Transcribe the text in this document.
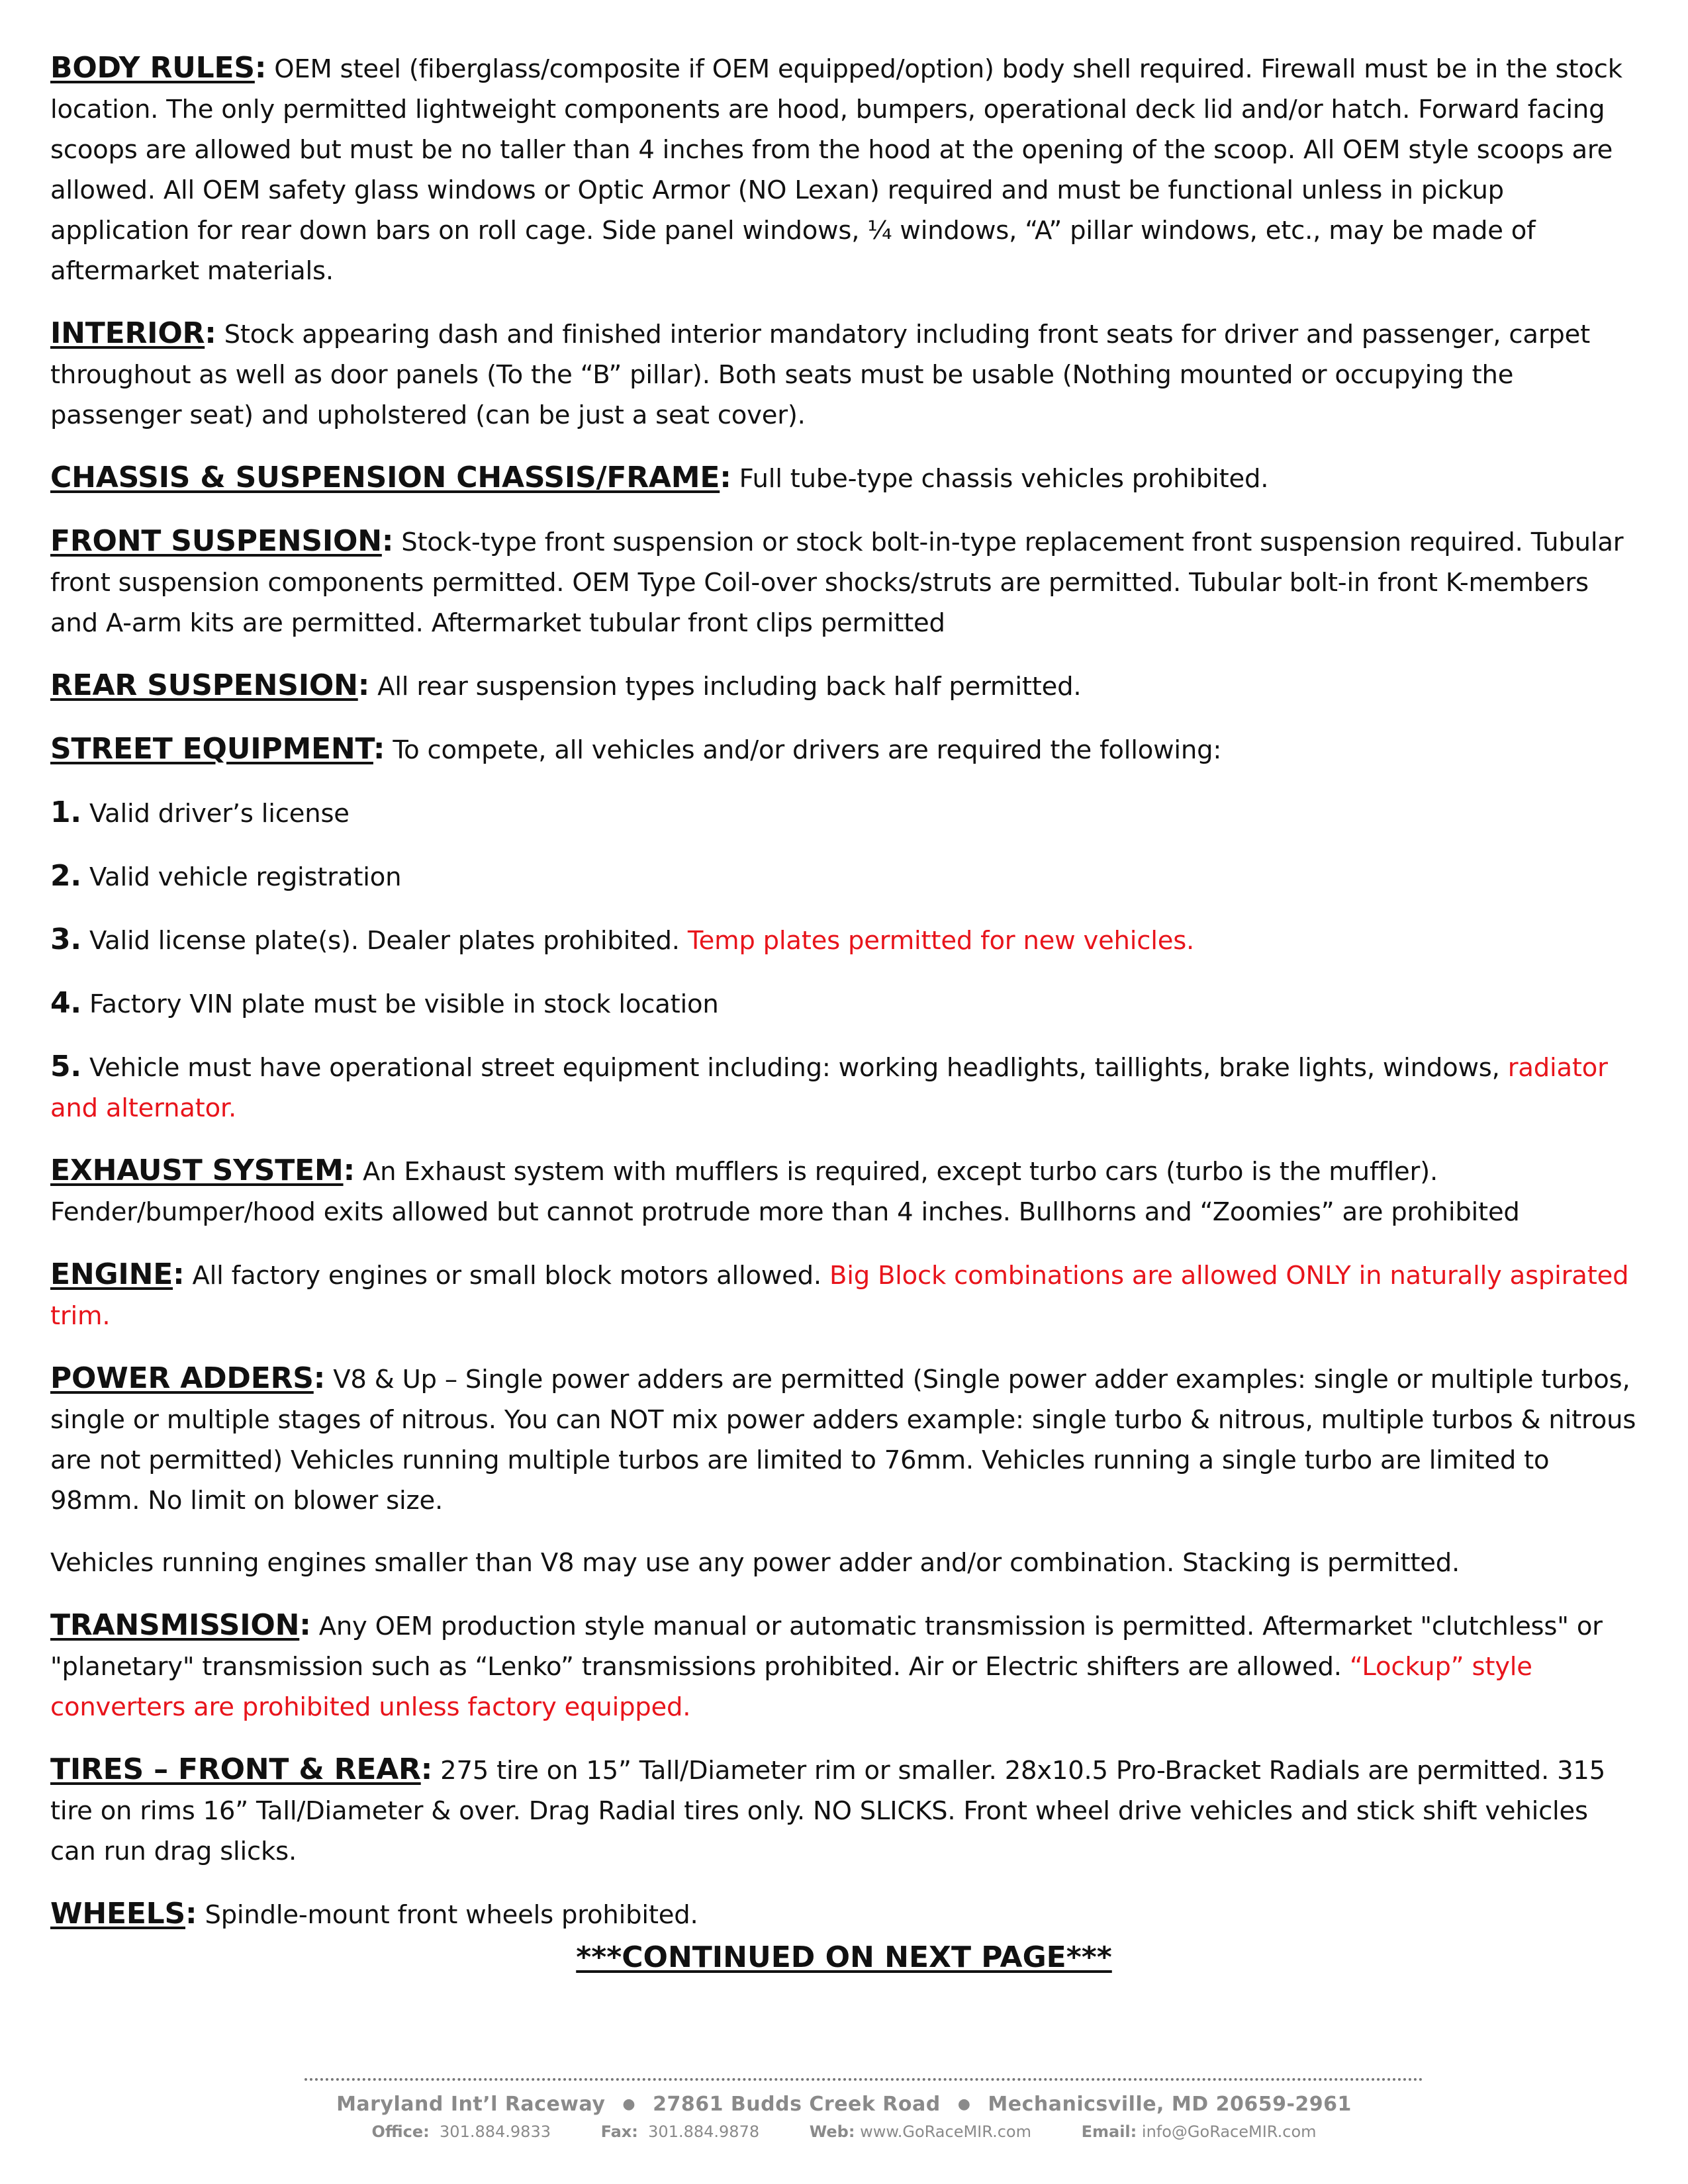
BODY RULES: OEM steel (fiberglass/composite if OEM equipped/option) body shell required. Firewall must be in the stock location. The only permitted lightweight components are hood, bumpers, operational deck lid and/or hatch. Forward facing scoops are allowed but must be no taller than 4 inches from the hood at the opening of the scoop. All OEM style scoops are allowed. All OEM safety glass windows or Optic Armor (NO Lexan) required and must be functional unless in pickup application for rear down bars on roll cage. Side panel windows, ¼ windows, “A” pillar windows, etc., may be made of aftermarket materials.

INTERIOR: Stock appearing dash and finished interior mandatory including front seats for driver and passenger, carpet throughout as well as door panels (To the “B” pillar). Both seats must be usable (Nothing mounted or occupying the passenger seat) and upholstered (can be just a seat cover).

CHASSIS & SUSPENSION CHASSIS/FRAME: Full tube-type chassis vehicles prohibited.

FRONT SUSPENSION: Stock-type front suspension or stock bolt-in-type replacement front suspension required. Tubular front suspension components permitted. OEM Type Coil-over shocks/struts are permitted. Tubular bolt-in front K-members and A-arm kits are permitted. Aftermarket tubular front clips permitted

REAR SUSPENSION: All rear suspension types including back half permitted.

STREET EQUIPMENT: To compete, all vehicles and/or drivers are required the following:

1. Valid driver’s license

2. Valid vehicle registration

3. Valid license plate(s). Dealer plates prohibited. Temp plates permitted for new vehicles.

4. Factory VIN plate must be visible in stock location

5. Vehicle must have operational street equipment including: working headlights, taillights, brake lights, windows, radiator and alternator.

EXHAUST SYSTEM: An Exhaust system with mufflers is required, except turbo cars (turbo is the muffler). Fender/bumper/hood exits allowed but cannot protrude more than 4 inches. Bullhorns and “Zoomies” are prohibited

ENGINE: All factory engines or small block motors allowed. Big Block combinations are allowed ONLY in naturally aspirated trim.

POWER ADDERS: V8 & Up – Single power adders are permitted (Single power adder examples: single or multiple turbos, single or multiple stages of nitrous. You can NOT mix power adders example: single turbo & nitrous, multiple turbos & nitrous are not permitted) Vehicles running multiple turbos are limited to 76mm. Vehicles running a single turbo are limited to 98mm. No limit on blower size.

Vehicles running engines smaller than V8 may use any power adder and/or combination. Stacking is permitted.

TRANSMISSION: Any OEM production style manual or automatic transmission is permitted. Aftermarket "clutchless" or "planetary" transmission such as “Lenko” transmissions prohibited. Air or Electric shifters are allowed. “Lockup” style converters are prohibited unless factory equipped.

TIRES – FRONT & REAR: 275 tire on 15” Tall/Diameter rim or smaller. 28x10.5 Pro-Bracket Radials are permitted. 315 tire on rims 16” Tall/Diameter & over. Drag Radial tires only. NO SLICKS. Front wheel drive vehicles and stick shift vehicles can run drag slicks.

WHEELS: Spindle-mount front wheels prohibited.

***CONTINUED ON NEXT PAGE***
Maryland Int’l Raceway ● 27861 Budds Creek Road ● Mechanicsville, MD 20659-2961
Office: 301.884.9833	Fax: 301.884.9878	Web: www.GoRaceMIR.com	Email: info@GoRaceMIR.com
